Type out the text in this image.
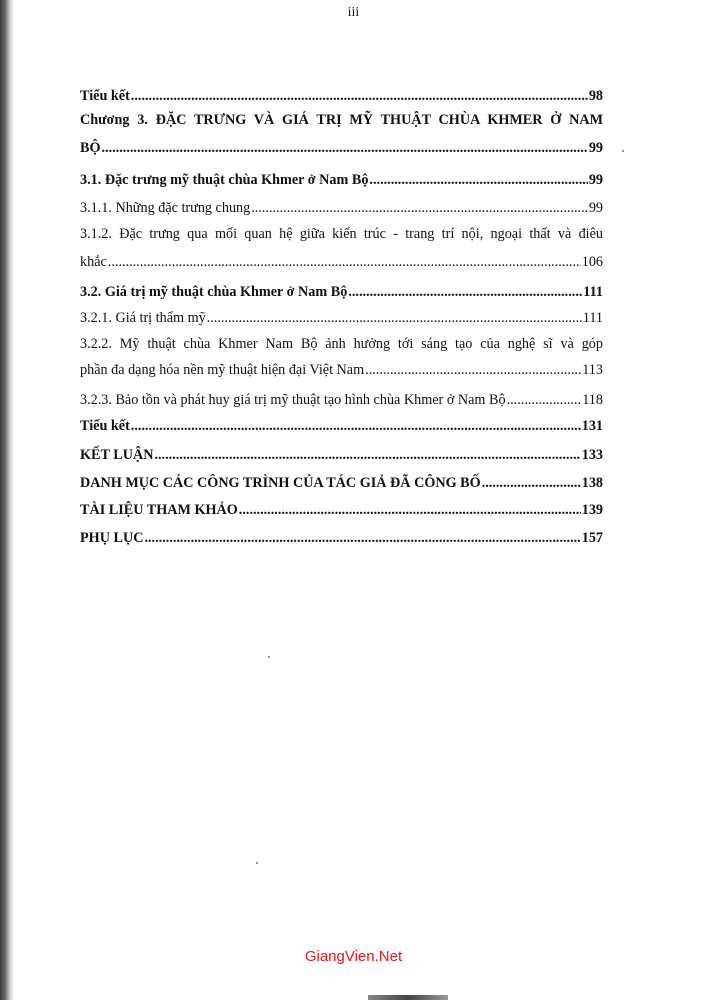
iii
Tiểu kết .....	98
Chương 3. ĐẶC TRƯNG VÀ GIÁ TRỊ MỸ THUẬT CHÙA KHMER Ở NAM
BỘ .....	99
3.1. Đặc trưng mỹ thuật chùa Khmer ở Nam Bộ .....	99
3.1.1. Những đặc trưng chung .....	99
3.1.2. Đặc trưng qua mối quan hệ giữa kiến trúc - trang trí nội, ngoại thất và điêu
khắc .....	106
3.2. Giá trị mỹ thuật chùa Khmer ở Nam Bộ .....	111
3.2.1. Giá trị thẩm mỹ .....	111
3.2.2. Mỹ thuật chùa Khmer Nam Bộ ảnh hưởng tới sáng tạo của nghệ sĩ và góp
phần đa dạng hóa nền mỹ thuật hiện đại Việt Nam .....	113
3.2.3. Bảo tồn và phát huy giá trị mỹ thuật tạo hình chùa Khmer ở Nam Bộ .....	118
Tiểu kết .....	131
KẾT LUẬN .....	133
DANH MỤC CÁC CÔNG TRÌNH CỦA TÁC GIẢ ĐÃ CÔNG BỐ .....	138
TÀI LIỆU THAM KHẢO .....	139
PHỤ LỤC .....	157
GiangVien.Net
